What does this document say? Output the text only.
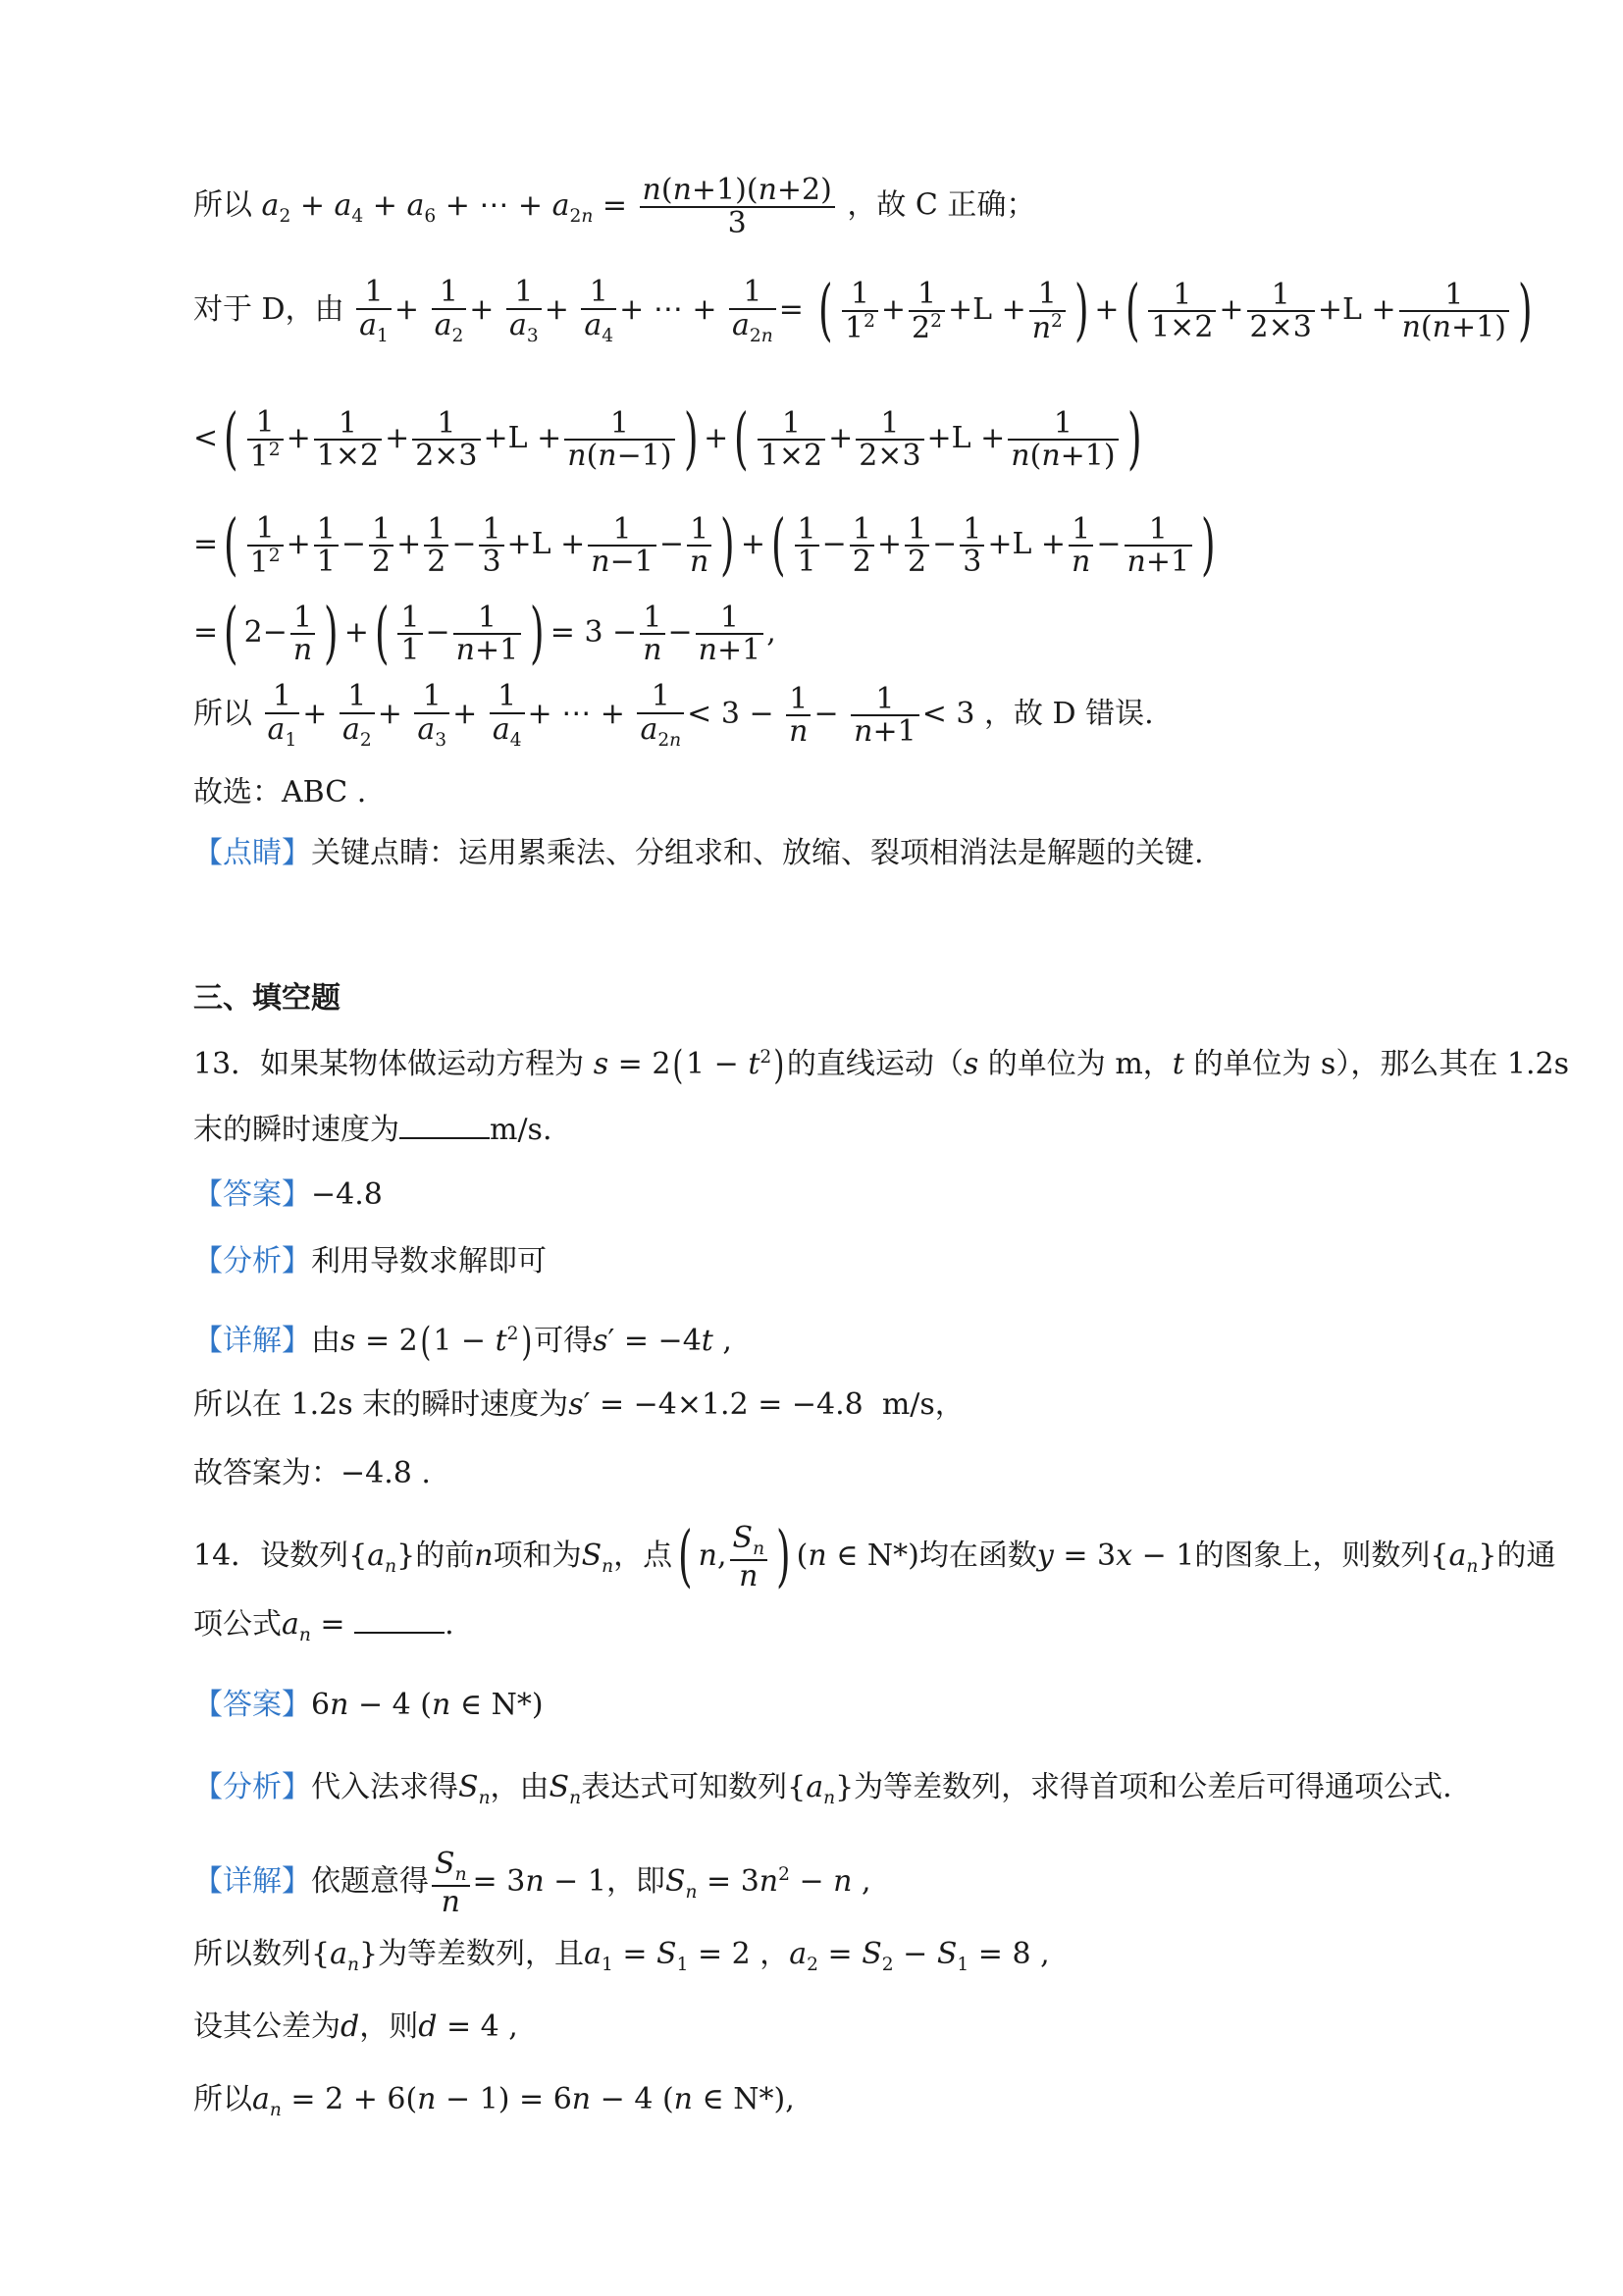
所以 $a_2 + a_4 + a_6$ + ⋯ + $a_{2n} = \frac{n(n+1)(n+2)}{3}$ ，故 C 正确；
对于 D，由 $\frac{1}{a_1} + \frac{1}{a_2} + \frac{1}{a_3} + \frac{1}{a_4}$ + ⋯ + $\frac{1}{a_{2n}}$ = ( $\frac{1}{1^2} + \frac{1}{2^2} +L + \frac{1}{n^2}$ ) +( $\frac{1}{1\times 2} + \frac{1}{2\times 3} +L + \frac{1}{n(n+1)}$ )
<( $\frac{1}{1^2} + \frac{1}{1\times 2} + \frac{1}{2\times 3} +L + \frac{1}{n(n-1)}$ ) +( $\frac{1}{1\times 2} + \frac{1}{2\times 3} +L + \frac{1}{n(n+1)}$ )
=( $\frac{1}{1^2} + \frac{1}{1} - \frac{1}{2} + \frac{1}{2} - \frac{1}{3} +L + \frac{1}{n-1} - \frac{1}{n}$ ) +( $\frac{1}{1} - \frac{1}{2} + \frac{1}{2} - \frac{1}{3} +L + \frac{1}{n} - \frac{1}{n+1}$ )
=( $2- \frac{1}{n}$ ) +( $\frac{1}{1} - \frac{1}{n+1}$ ) = $3 - \frac{1}{n} - \frac{1}{n+1}$ ,
所以 $\frac{1}{a_1} + \frac{1}{a_2} + \frac{1}{a_3} + \frac{1}{a_4}$ + ⋯ + $\frac{1}{a_{2n}} < 3 - \frac{1}{n} - \frac{1}{n+1} < 3$ ，故 D 错误.
故选：ABC .
【点睛】关键点睛：运用累乘法、分组求和、放缩、裂项相消法是解题的关键.
三、填空题
13．如果某物体做运动方程为 $s = 2(1 - t^2)$的直线运动（s 的单位为 m，t 的单位为 s），那么其在 1.2s
末的瞬时速度为	m/s.
【答案】−4.8
【分析】利用导数求解即可
【详解】由$s = 2(1 - t^2)$可得s′ = −4t ,
所以在 1.2s 末的瞬时速度为s′ = −4×1.2 = −4.8  m/s，
故答案为：−4.8 .
14．设数列$\{a_n\}$的前n项和为$S_n$，点( n, $\frac{S_n}{n}$ ) (n ∈ N*)均在函数y = 3x − 1的图象上，则数列$\{a_n\}$的通
项公式$a_n$ =	.
【答案】6n − 4 (n ∈ N*)
【分析】代入法求得$S_n$，由$S_n$表达式可知数列$\{a_n\}$为等差数列，求得首项和公差后可得通项公式.
【详解】依题意得 $\frac{S_n}{n} = 3n - 1$，即$S_n = 3n^2 - n$ ,
所以数列$\{a_n\}$为等差数列，且$a_1 = S_1 = 2$ ，$a_2 = S_2 - S_1 = 8$ ,
设其公差为d，则d = 4 ,
所以$a_n = 2 + 6(n - 1) = 6n - 4$ (n ∈ N*),
